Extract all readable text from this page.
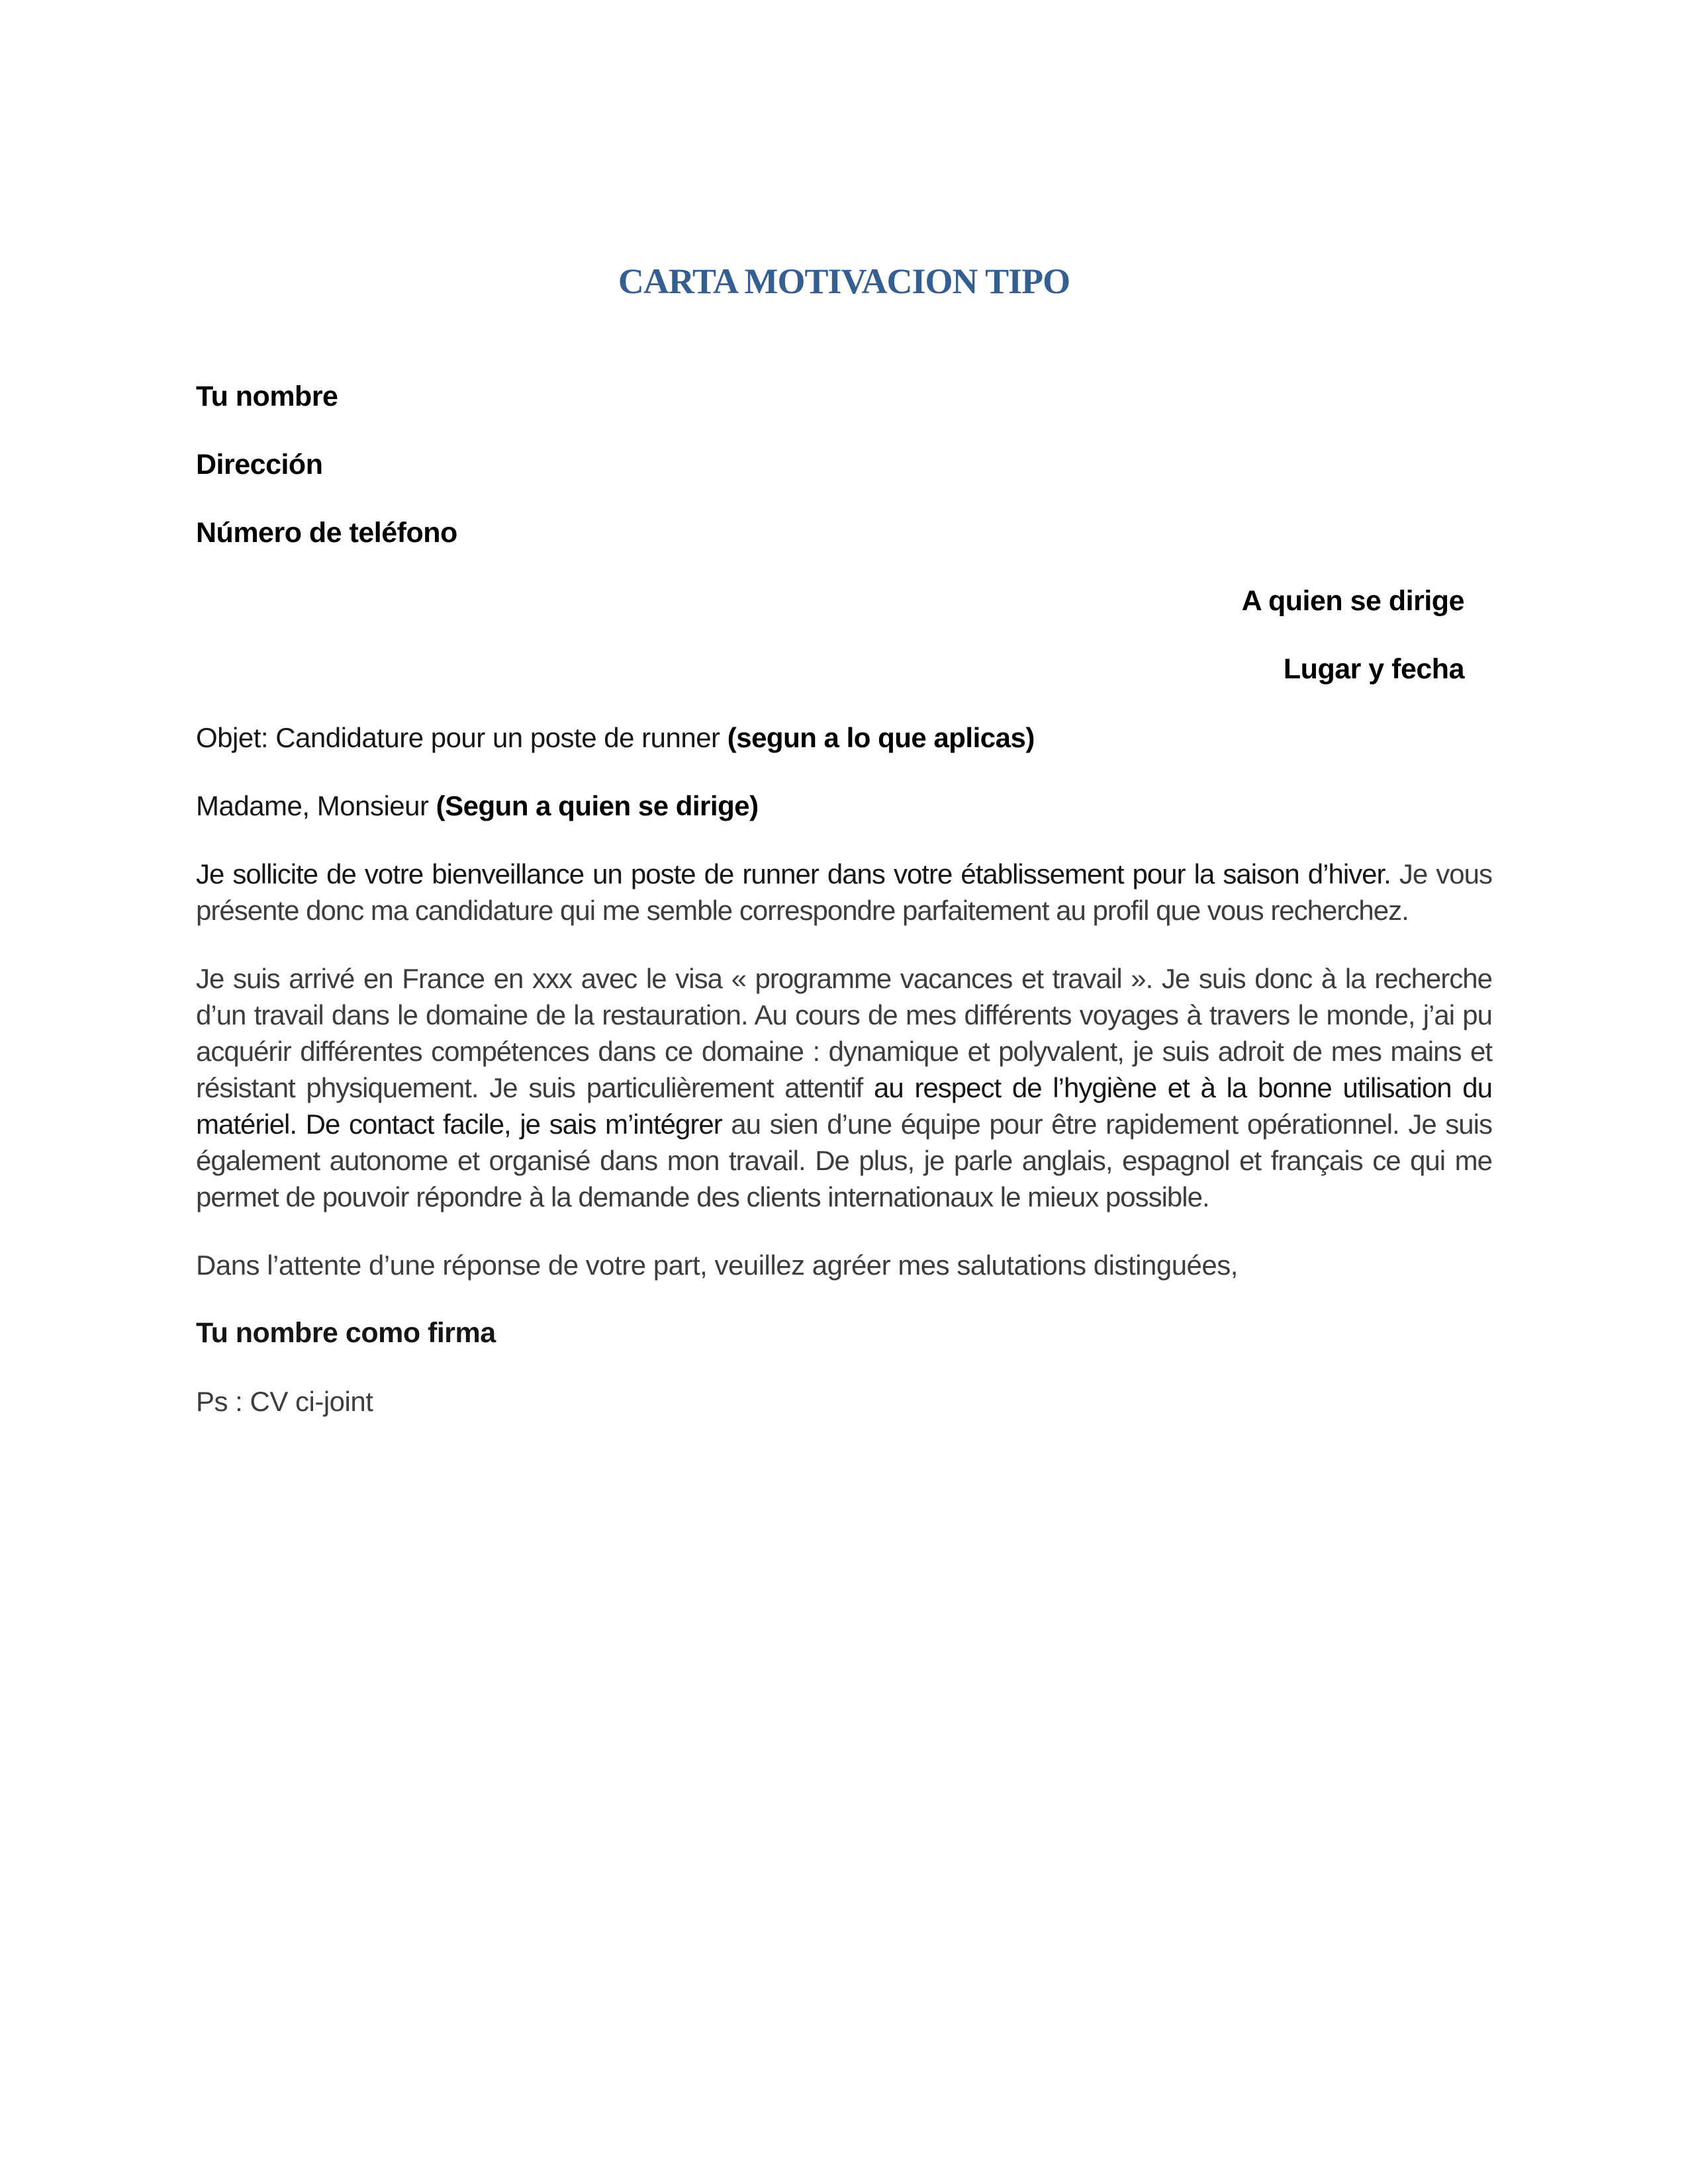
CARTA MOTIVACION TIPO

Tu nombre

Dirección

Número de teléfono

A quien se dirige

Lugar y fecha

Objet: Candidature pour un poste de runner (segun a lo que aplicas)

Madame, Monsieur (Segun a quien se dirige)

Je sollicite de votre bienveillance un poste de runner dans votre établissement pour la saison d’hiver. Je vous présente donc ma candidature qui me semble correspondre parfaitement au profil que vous recherchez.

Je suis arrivé en France en xxx avec le visa « programme vacances et travail ». Je suis donc à la recherche d’un travail dans le domaine de la restauration. Au cours de mes différents voyages à travers le monde, j’ai pu acquérir différentes compétences dans ce domaine : dynamique et polyvalent, je suis adroit de mes mains et résistant physiquement. Je suis particulièrement attentif au respect de l’hygiène et à la bonne utilisation du matériel. De contact facile, je sais m’intégrer au sien d’une équipe pour être rapidement opérationnel. Je suis également autonome et organisé dans mon travail. De plus, je parle anglais, espagnol et français ce qui me permet de pouvoir répondre à la demande des clients internationaux le mieux possible.

Dans l’attente d’une réponse de votre part, veuillez agréer mes salutations distinguées,

Tu nombre como firma

Ps : CV ci-joint
